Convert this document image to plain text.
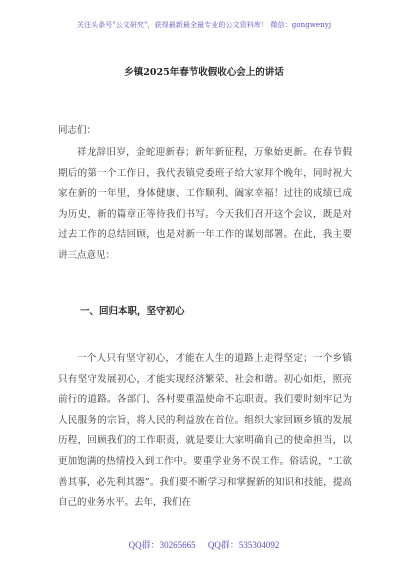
关注头条号"公文研究"，获得最新最全最专业的公文资料库！ 微信：gongwenyj
乡镇2025年春节收假收心会上的讲话
同志们：

祥龙辞旧岁，金蛇迎新春；新年新征程，万象始更新。在春节假期后的第一个工作日，我代表镇党委班子给大家拜个晚年，同时祝大家在新的一年里，身体健康、工作顺利、阖家幸福！过往的成绩已成为历史，新的篇章正等待我们书写。今天我们召开这个会议，既是对过去工作的总结回顾，也是对新一年工作的谋划部署。在此，我主要讲三点意见：

一、回归本职，坚守初心

一个人只有坚守初心，才能在人生的道路上走得坚定；一个乡镇只有坚守发展初心，才能实现经济繁荣、社会和谐。初心如炬，照亮前行的道路。各部门、各村要重温使命不忘职责。我们要时刻牢记为人民服务的宗旨，将人民的利益放在首位。组织大家回顾乡镇的发展历程，回顾我们的工作职责，就是要让大家明确自己的使命担当，以更加饱满的热情投入到工作中。要重学业务不误工作。俗话说，“工欲善其事，必先利其器”。我们要不断学习和掌握新的知识和技能，提高自己的业务水平。去年，我们在

QQ群：30265665 QQ群：535304092
